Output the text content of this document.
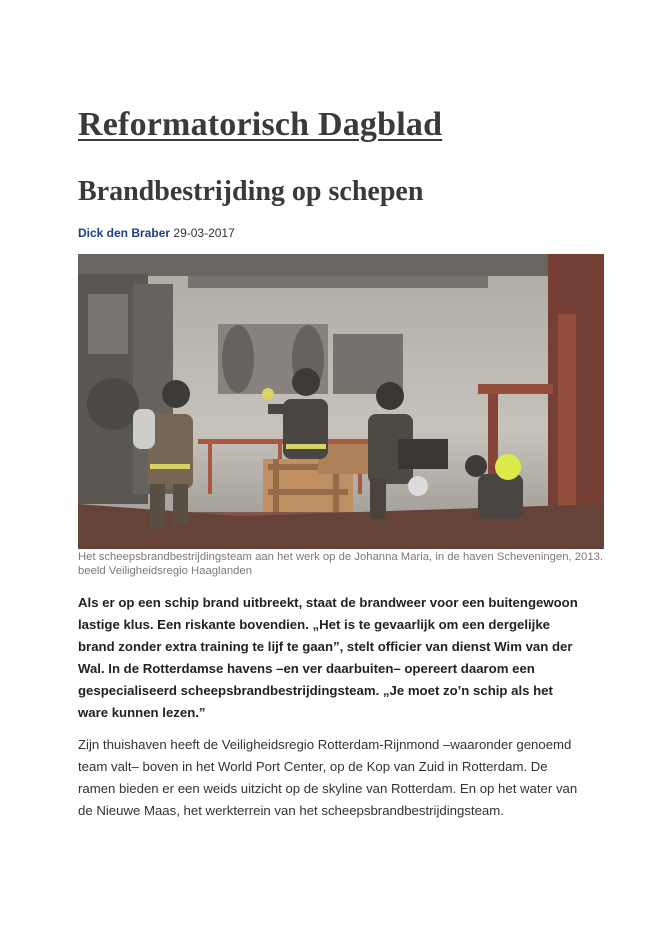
Reformatorisch Dagblad
Brandbestrijding op schepen
Dick den Braber 29-03-2017
Het scheepsbrandbestrijdingsteam aan het werk op de Johanna Maria, in de haven Scheveningen, 2013. beeld Veiligheidsregio Haaglanden

Als er op een schip brand uitbreekt, staat de brandweer voor een buitengewoon lastige klus. Een riskante bovendien. „Het is te gevaarlijk om een dergelijke brand zonder extra training te lijf te gaan”, stelt officier van dienst Wim van der Wal. In de Rotterdamse havens –en ver daarbuiten– opereert daarom een gespecialiseerd scheepsbrandbestrijdingsteam. „Je moet zo’n schip als het ware kunnen lezen.”

Zijn thuishaven heeft de Veiligheidsregio Rotterdam-Rijnmond –waaronder genoemd team valt– boven in het World Port Center, op de Kop van Zuid in Rotterdam. De ramen bieden er een weids uitzicht op de skyline van Rotterdam. En op het water van de Nieuwe Maas, het werkterrein van het scheepsbrandbestrijdingsteam.
